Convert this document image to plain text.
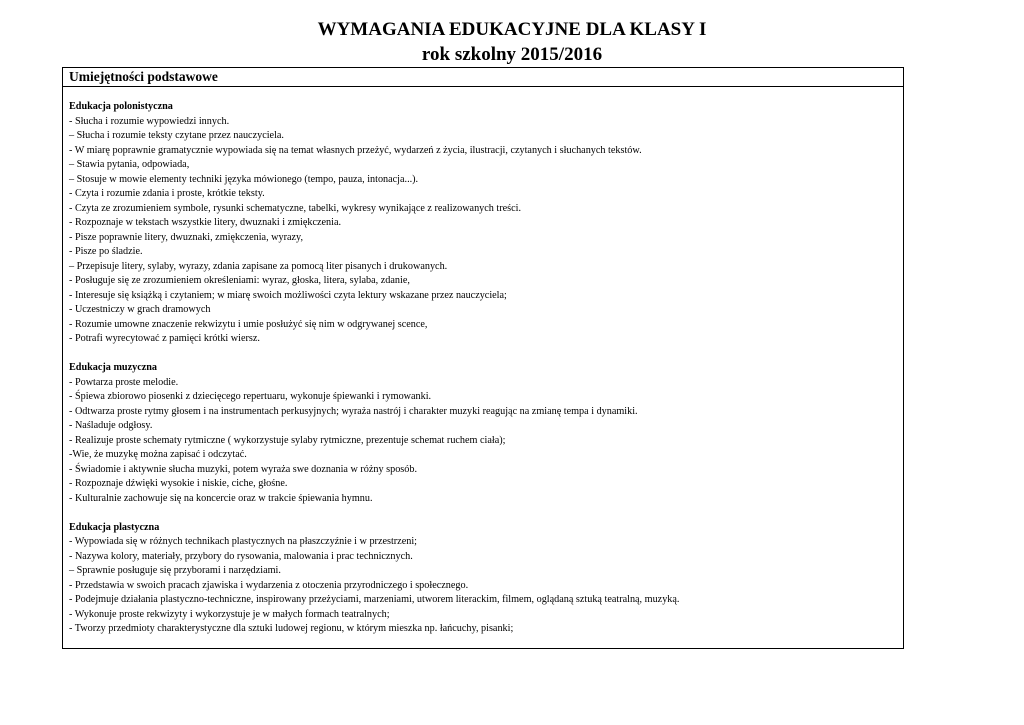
WYMAGANIA EDUKACYJNE DLA KLASY I
rok szkolny 2015/2016
Umiejętności podstawowe
Edukacja polonistyczna
- Słucha i rozumie wypowiedzi innych.
– Słucha i rozumie teksty czytane przez nauczyciela.
- W miarę poprawnie gramatycznie wypowiada się na temat własnych przeżyć, wydarzeń z życia, ilustracji, czytanych i słuchanych tekstów.
– Stawia pytania, odpowiada,
– Stosuje w mowie elementy techniki języka mówionego (tempo, pauza, intonacja...).
- Czyta i rozumie zdania i proste, krótkie teksty.
- Czyta ze zrozumieniem symbole, rysunki schematyczne, tabelki, wykresy wynikające z realizowanych treści.
- Rozpoznaje w tekstach wszystkie litery, dwuznaki i zmiękczenia.
- Pisze poprawnie litery, dwuznaki, zmiękczenia, wyrazy,
- Pisze po śladzie.
– Przepisuje litery, sylaby, wyrazy, zdania zapisane za pomocą liter pisanych i drukowanych.
- Posługuje się ze zrozumieniem określeniami: wyraz, głoska, litera, sylaba, zdanie,
- Interesuje się książką i czytaniem; w miarę swoich możliwości czyta lektury wskazane przez nauczyciela;
- Uczestniczy w grach dramowych
- Rozumie umowne znaczenie rekwizytu i umie posłużyć się nim w odgrywanej scence,
- Potrafi wyrecytować z pamięci krótki wiersz.
Edukacja muzyczna
- Powtarza proste melodie.
- Śpiewa zbiorowo piosenki z dziecięcego repertuaru, wykonuje śpiewanki i rymowanki.
- Odtwarza proste rytmy głosem i na instrumentach perkusyjnych; wyraża nastrój i charakter muzyki reagując na zmianę tempa i dynamiki.
- Naśladuje odgłosy.
- Realizuje proste schematy rytmiczne ( wykorzystuje sylaby rytmiczne, prezentuje schemat ruchem ciała);
-Wie, że muzykę można zapisać i odczytać.
- Świadomie i aktywnie słucha muzyki, potem wyraża swe doznania w różny sposób.
- Rozpoznaje dźwięki wysokie i niskie, ciche, głośne.
- Kulturalnie zachowuje się na koncercie oraz w trakcie śpiewania hymnu.
Edukacja plastyczna
- Wypowiada się w różnych technikach plastycznych na płaszczyźnie i w przestrzeni;
- Nazywa kolory, materiały, przybory do rysowania, malowania i prac technicznych.
– Sprawnie posługuje się przyborami i narzędziami.
- Przedstawia w swoich pracach zjawiska i wydarzenia z otoczenia przyrodniczego i społecznego.
- Podejmuje działania plastyczno-techniczne, inspirowany przeżyciami, marzeniami, utworem literackim, filmem, oglądaną sztuką teatralną, muzyką.
- Wykonuje proste rekwizyty i wykorzystuje je w małych formach teatralnych;
- Tworzy przedmioty charakterystyczne dla sztuki ludowej regionu, w którym mieszka np. łańcuchy, pisanki;
